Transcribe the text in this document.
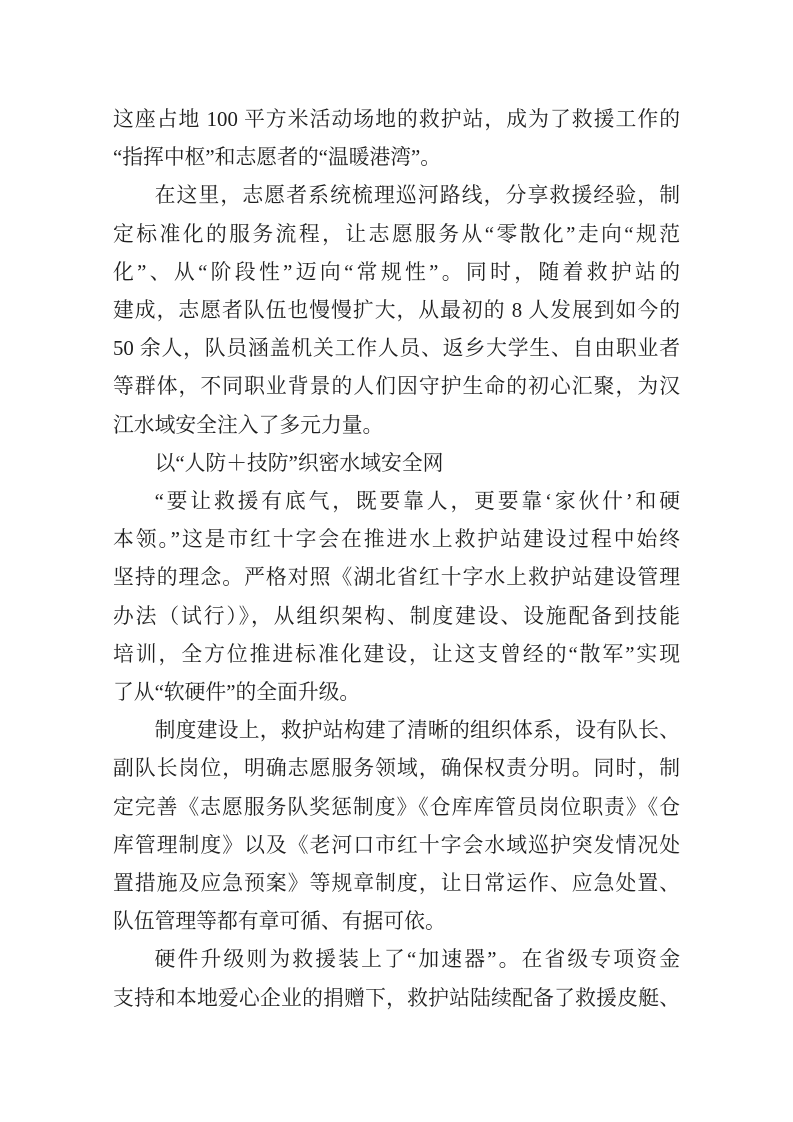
这座占地 100 平方米活动场地的救护站，成为了救援工作的
“指挥中枢”和志愿者的“温暖港湾”。

在这里，志愿者系统梳理巡河路线，分享救援经验，制
定标准化的服务流程，让志愿服务从“零散化”走向“规范
化”、从“阶段性”迈向“常规性”。同时，随着救护站的
建成，志愿者队伍也慢慢扩大，从最初的 8 人发展到如今的
50 余人，队员涵盖机关工作人员、返乡大学生、自由职业者
等群体，不同职业背景的人们因守护生命的初心汇聚，为汉
江水域安全注入了多元力量。

以“人防＋技防”织密水域安全网

“要让救援有底气，既要靠人，更要靠‘家伙什’和硬
本领。”这是市红十字会在推进水上救护站建设过程中始终
坚持的理念。严格对照《湖北省红十字水上救护站建设管理
办法（试行）》，从组织架构、制度建设、设施配备到技能
培训，全方位推进标准化建设，让这支曾经的“散军”实现
了从“软硬件”的全面升级。

制度建设上，救护站构建了清晰的组织体系，设有队长、
副队长岗位，明确志愿服务领域，确保权责分明。同时，制
定完善《志愿服务队奖惩制度》《仓库库管员岗位职责》《仓
库管理制度》以及《老河口市红十字会水域巡护突发情况处
置措施及应急预案》等规章制度，让日常运作、应急处置、
队伍管理等都有章可循、有据可依。

硬件升级则为救援装上了“加速器”。在省级专项资金
支持和本地爱心企业的捐赠下，救护站陆续配备了救援皮艇、
